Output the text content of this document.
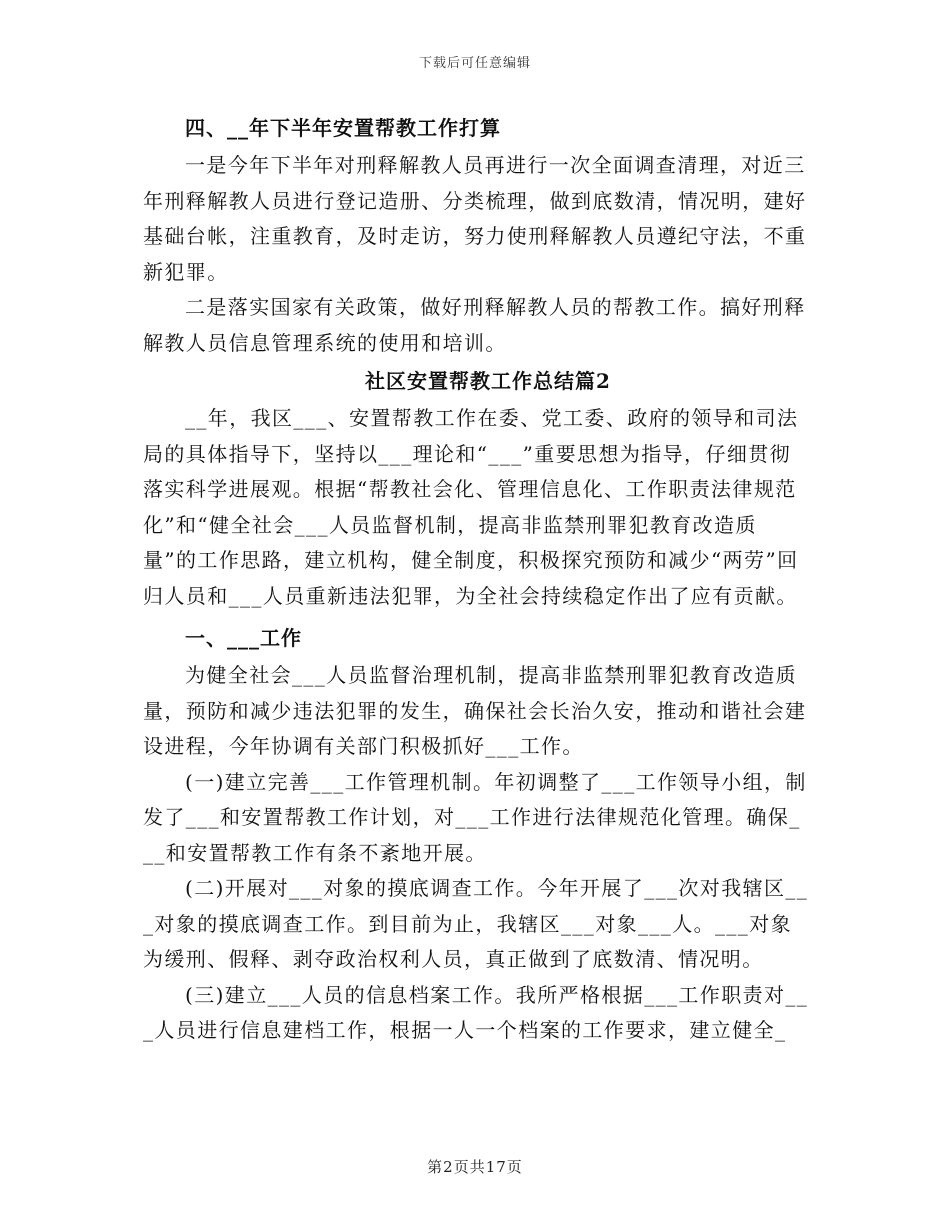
下载后可任意编辑
四、__年下半年安置帮教工作打算

一是今年下半年对刑释解教人员再进行一次全面调查清理，对近三年刑释解教人员进行登记造册、分类梳理，做到底数清，情况明，建好基础台帐，注重教育，及时走访，努力使刑释解教人员遵纪守法，不重新犯罪。

二是落实国家有关政策，做好刑释解教人员的帮教工作。搞好刑释解教人员信息管理系统的使用和培训。

社区安置帮教工作总结篇2

__年，我区___、安置帮教工作在委、党工委、政府的领导和司法局的具体指导下，坚持以___理论和“___”重要思想为指导，仔细贯彻落实科学进展观。根据“帮教社会化、管理信息化、工作职责法律规范化”和“健全社会___人员监督机制，提高非监禁刑罪犯教育改造质量”的工作思路，建立机构，健全制度，积极探究预防和减少“两劳”回归人员和___人员重新违法犯罪，为全社会持续稳定作出了应有贡献。

一、___工作

为健全社会___人员监督治理机制，提高非监禁刑罪犯教育改造质量，预防和减少违法犯罪的发生，确保社会长治久安，推动和谐社会建设进程，今年协调有关部门积极抓好___工作。

(一)建立完善___工作管理机制。年初调整了___工作领导小组，制发了___和安置帮教工作计划，对___工作进行法律规范化管理。确保___和安置帮教工作有条不紊地开展。

(二)开展对___对象的摸底调查工作。今年开展了___次对我辖区___对象的摸底调查工作。到目前为止，我辖区___对象___人。___对象为缓刑、假释、剥夺政治权利人员，真正做到了底数清、情况明。

(三)建立___人员的信息档案工作。我所严格根据___工作职责对___人员进行信息建档工作，根据一人一个档案的工作要求，建立健全_

第2页共17页
